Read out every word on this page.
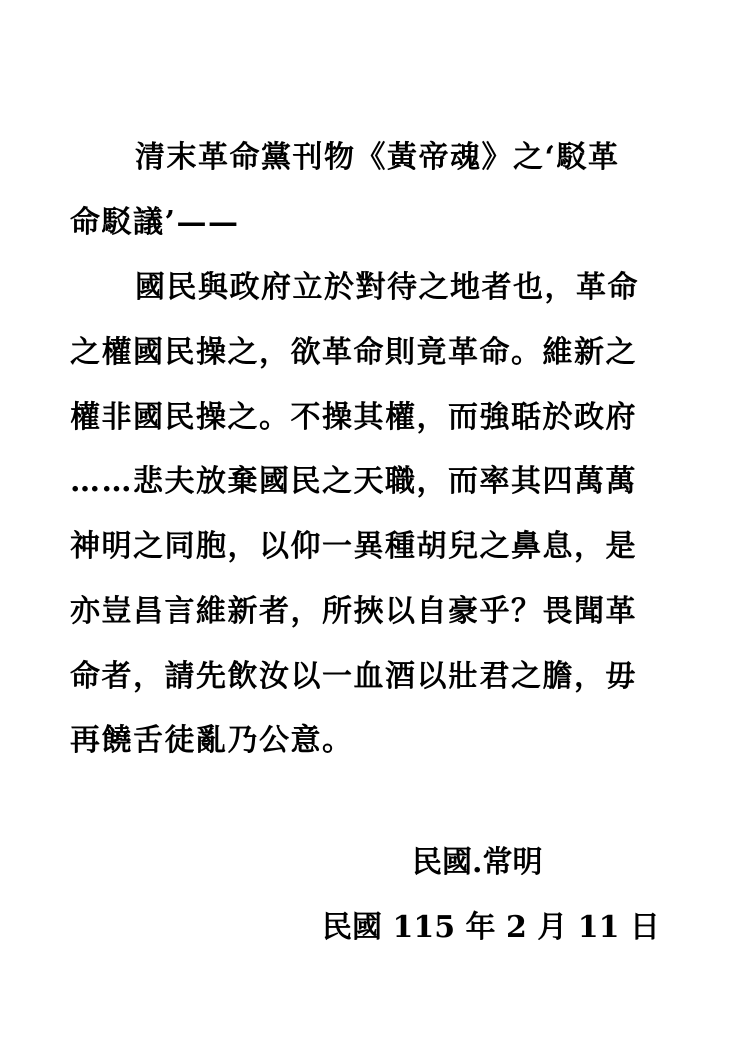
清末革命黨刊物《黃帝魂》之‘駁革
命駁議’——
國民與政府立於對待之地者也，革命
之權國民操之，欲革命則竟革命。維新之
權非國民操之。不操其權，而強聒於政府
……悲夫放棄國民之天職，而率其四萬萬
神明之同胞，以仰一異種胡兒之鼻息，是
亦豈昌言維新者，所挾以自豪乎？畏聞革
命者，請先飲汝以一血酒以壯君之膽，毋
再饒舌徒亂乃公意。
民國.常明
民國 115 年 2 月 11 日
